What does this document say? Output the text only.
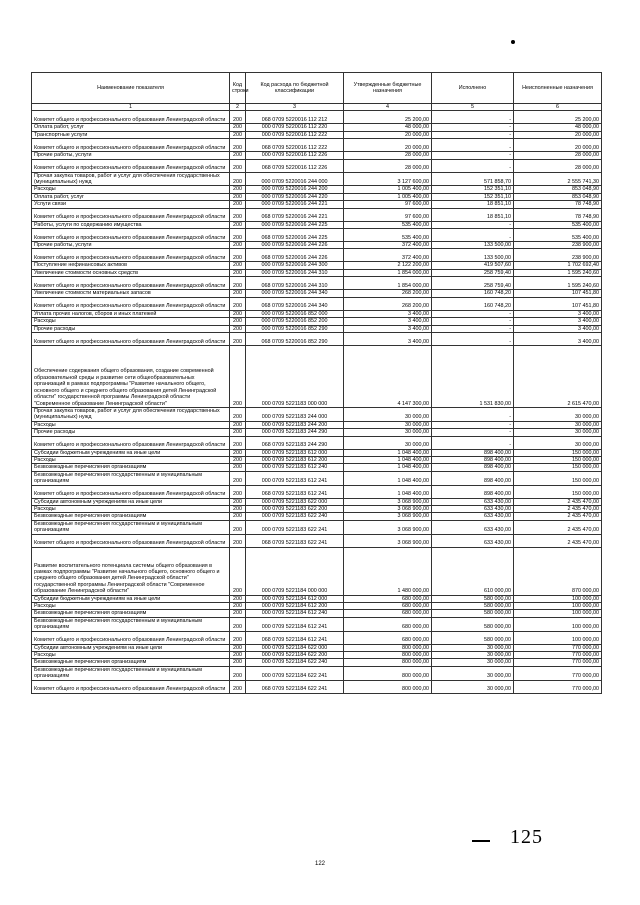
Наименование показателя	Код строки	Код расхода по бюджетной классификации	Утвержденные бюджетные назначения	Исполнено	Неисполненные назначения
1	2	3	4	5	6
Комитет общего и профессионального образования Ленинградской области	200	068 0709 5220016 112 212	25 200,00	-	25 200,00
Оплата работ, услуг	200	000 0709 5220016 112 220	48 000,00	-	48 000,00
Транспортные услуги	200	000 0709 5220016 112 222	20 000,00	-	20 000,00
Комитет общего и профессионального образования Ленинградской области	200	068 0709 5220016 112 222	20 000,00	-	20 000,00
Прочие работы, услуги	200	000 0709 5220016 112 226	28 000,00	-	28 000,00
Комитет общего и профессионального образования Ленинградской области	200	068 0709 5220016 112 226	28 000,00	-	28 000,00
Прочая закупка товаров, работ и услуг для обеспечения государственных (муниципальных) нужд	200	000 0709 5220016 244 000	3 127 600,00	571 858,70	2 555 741,30
Расходы	200	000 0709 5220016 244 200	1 005 400,00	152 351,10	853 048,90
Оплата работ, услуг	200	000 0709 5220016 244 220	1 005 400,00	152 351,10	853 048,90
Услуги связи	200	000 0709 5220016 244 221	97 600,00	18 851,10	78 748,90
Комитет общего и профессионального образования Ленинградской области	200	068 0709 5220016 244 221	97 600,00	18 851,10	78 748,90
Работы, услуги по содержанию имущества	200	000 0709 5220016 244 225	535 400,00	-	535 400,00
Комитет общего и профессионального образования Ленинградской области	200	068 0709 5220016 244 225	535 400,00	-	535 400,00
Прочие работы, услуги	200	000 0709 5220016 244 226	372 400,00	133 500,00	238 900,00
Комитет общего и профессионального образования Ленинградской области	200	068 0709 5220016 244 226	372 400,00	133 500,00	238 900,00
Поступление нефинансовых активов	200	000 0709 5220016 244 300	2 122 200,00	419 507,60	1 702 692,40
Увеличение стоимости основных средств	200	000 0709 5220016 244 310	1 854 000,00	258 759,40	1 595 240,60
Комитет общего и профессионального образования Ленинградской области	200	068 0709 5220016 244 310	1 854 000,00	258 759,40	1 595 240,60
Увеличение стоимости материальных запасов	200	000 0709 5220016 244 340	268 200,00	160 748,20	107 451,80
Комитет общего и профессионального образования Ленинградской области	200	068 0709 5220016 244 340	268 200,00	160 748,20	107 451,80
Уплата прочих налогов, сборов и иных платежей	200	000 0709 5220016 852 000	3 400,00	-	3 400,00
Расходы	200	000 0709 5220016 852 200	3 400,00	-	3 400,00
Прочие расходы	200	000 0709 5220016 852 290	3 400,00	-	3 400,00
Комитет общего и профессионального образования Ленинградской области	200	068 0709 5220016 852 290	3 400,00	-	3 400,00
Обеспечение содержания общего образования, создание современной образовательной среды и развитие сети общеобразовательных организаций в рамках подпрограммы "Развитие начального общего, основного общего и среднего общего образования детей Ленинградской области" государственной программы Ленинградской области "Современное образование Ленинградской области"	200	000 0709 5221183 000 000	4 147 300,00	1 531 830,00	2 615 470,00
Прочая закупка товаров, работ и услуг для обеспечения государственных (муниципальных) нужд	200	000 0709 5221183 244 000	30 000,00	-	30 000,00
Расходы	200	000 0709 5221183 244 200	30 000,00	-	30 000,00
Прочие расходы	200	000 0709 5221183 244 290	30 000,00	-	30 000,00
Комитет общего и профессионального образования Ленинградской области	200	068 0709 5221183 244 290	30 000,00	-	30 000,00
Субсидии бюджетным учреждениям на иные цели	200	000 0709 5221183 612 000	1 048 400,00	898 400,00	150 000,00
Расходы	200	000 0709 5221183 612 200	1 048 400,00	898 400,00	150 000,00
Безвозмездные перечисления организациям	200	000 0709 5221183 612 240	1 048 400,00	898 400,00	150 000,00
Безвозмездные перечисления государственным и муниципальным организациям	200	000 0709 5221183 612 241	1 048 400,00	898 400,00	150 000,00
Комитет общего и профессионального образования Ленинградской области	200	068 0709 5221183 612 241	1 048 400,00	898 400,00	150 000,00
Субсидии автономным учреждениям на иные цели	200	000 0709 5221183 622 000	3 068 900,00	633 430,00	2 435 470,00
Расходы	200	000 0709 5221183 622 200	3 068 900,00	633 430,00	2 435 470,00
Безвозмездные перечисления организациям	200	000 0709 5221183 622 240	3 068 900,00	633 430,00	2 435 470,00
Безвозмездные перечисления государственным и муниципальным организациям	200	000 0709 5221183 622 241	3 068 900,00	633 430,00	2 435 470,00
Комитет общего и профессионального образования Ленинградской области	200	068 0709 5221183 622 241	3 068 900,00	633 430,00	2 435 470,00
Развитие воспитательного потенциала системы общего образования в рамках подпрограммы "Развитие начального общего, основного общего и среднего общего образования детей Ленинградской области" государственной программы Ленинградской области "Современное образование Ленинградской области"	200	000 0709 5221184 000 000	1 480 000,00	610 000,00	870 000,00
Субсидии бюджетным учреждениям на иные цели	200	000 0709 5221184 612 000	680 000,00	580 000,00	100 000,00
Расходы	200	000 0709 5221184 612 200	680 000,00	580 000,00	100 000,00
Безвозмездные перечисления организациям	200	000 0709 5221184 612 240	680 000,00	580 000,00	100 000,00
Безвозмездные перечисления государственным и муниципальным организациям	200	000 0709 5221184 612 241	680 000,00	580 000,00	100 000,00
Комитет общего и профессионального образования Ленинградской области	200	068 0709 5221184 612 241	680 000,00	580 000,00	100 000,00
Субсидии автономным учреждениям на иные цели	200	000 0709 5221184 622 000	800 000,00	30 000,00	770 000,00
Расходы	200	000 0709 5221184 622 200	800 000,00	30 000,00	770 000,00
Безвозмездные перечисления организациям	200	000 0709 5221184 622 240	800 000,00	30 000,00	770 000,00
Безвозмездные перечисления государственным и муниципальным организациям	200	000 0709 5221184 622 241	800 000,00	30 000,00	770 000,00
Комитет общего и профессионального образования Ленинградской области	200	068 0709 5221184 622 241	800 000,00	30 000,00	770 000,00
125
122
